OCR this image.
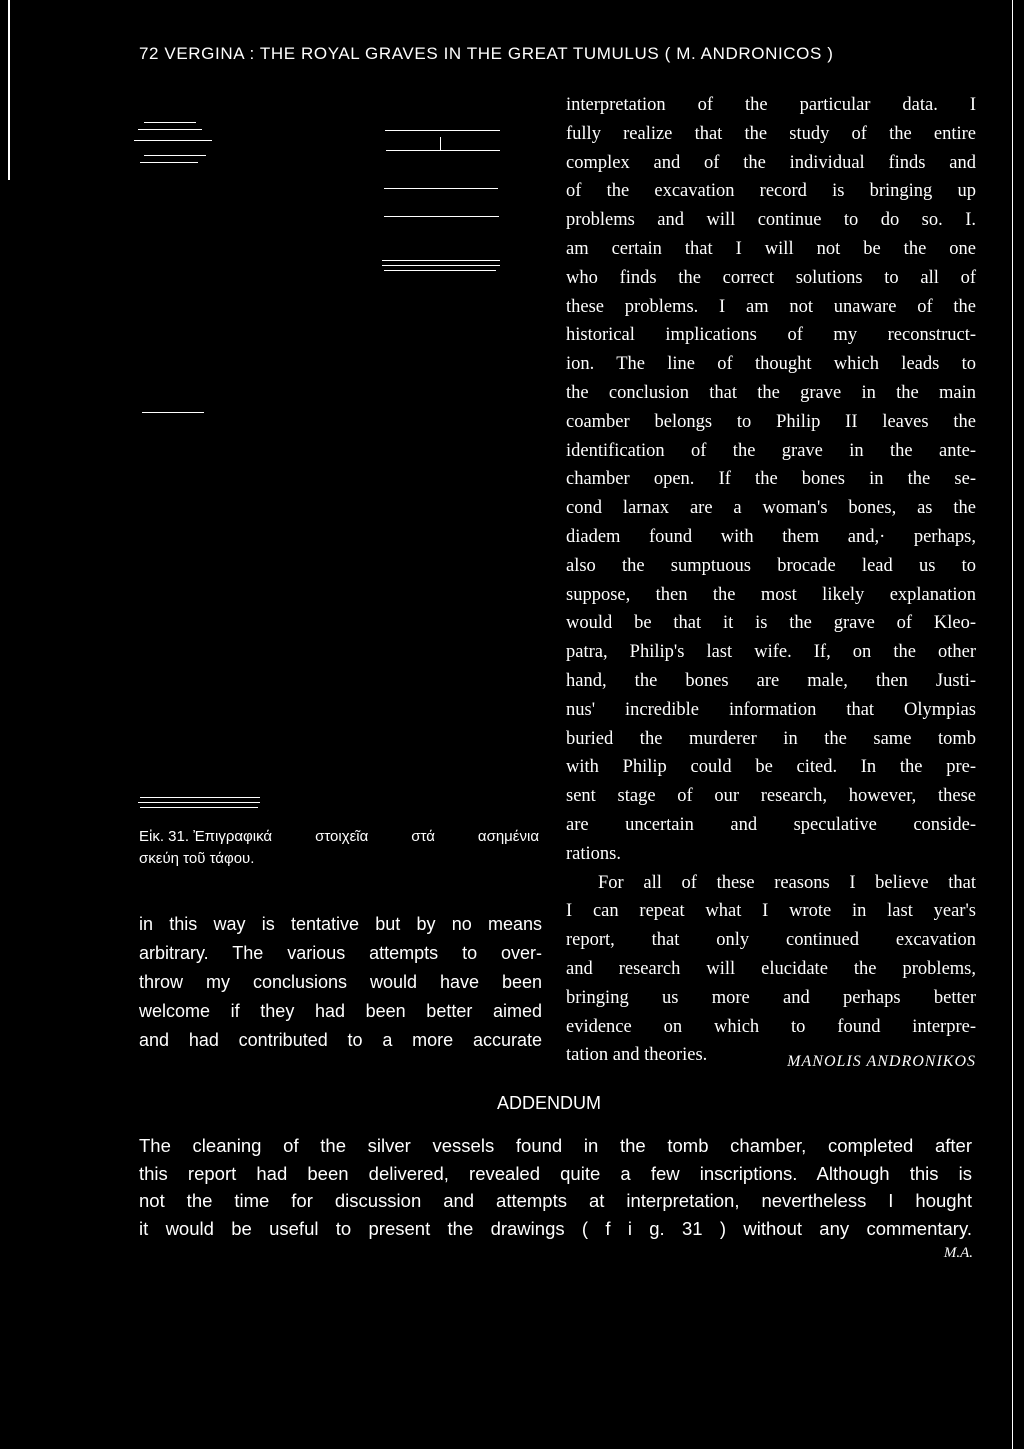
72 VERGINA : THE ROYAL GRAVES IN THE GREAT TUMULUS ( M. ANDRONICOS )
Εἰκ. 31. Ἐπιγραφικά	στοιχεῖα	στά	ασημένια
σκεύη τοῦ τάφου.
in this way is tentative but by no means
arbitrary. The various attempts to over-
throw my conclusions would have been
welcome if they had been better aimed
and had contributed to a more accurate
interpretation of the particular data. I
fully realize that the study of the entire
complex and of the individual finds and
of the excavation record is bringing up
problems and will continue to do so. I.
am certain that I will not be the one
who finds the correct solutions to all of
these problems. I am not unaware of the
historical implications of my reconstruct-
ion. The line of thought which leads to
the conclusion that the grave in the main
coamber belongs to Philip II leaves the
identification of the grave in the ante-
chamber open. If the bones in the se-
cond larnax are a woman's bones, as the
diadem found with them and,· perhaps,
also the sumptuous brocade lead us to
suppose, then the most likely explanation
would be that it is the grave of Kleo-
patra, Philip's last wife. If, on the other
hand, the bones are male, then Justi-
nus' incredible information that Olympias
buried the murderer in the same tomb
with Philip could be cited. In the pre-
sent stage of our research, however, these
are uncertain and speculative conside-
rations.
For all of these reasons I believe that
I can repeat what I wrote in last year's
report, that only continued excavation
and research will elucidate the problems,
bringing us more and perhaps better
evidence on which to found interpre-
tation and theories.	MANOLIS ANDRONIKOS
ADDENDUM
The cleaning of the silver vessels found in the tomb chamber, completed after
this report had been delivered, revealed quite a few inscriptions. Although this is
not the time for discussion and attempts at interpretation, nevertheless I hought
it would be useful to present the drawings ( f i g. 31 ) without any commentary.
M.A.
